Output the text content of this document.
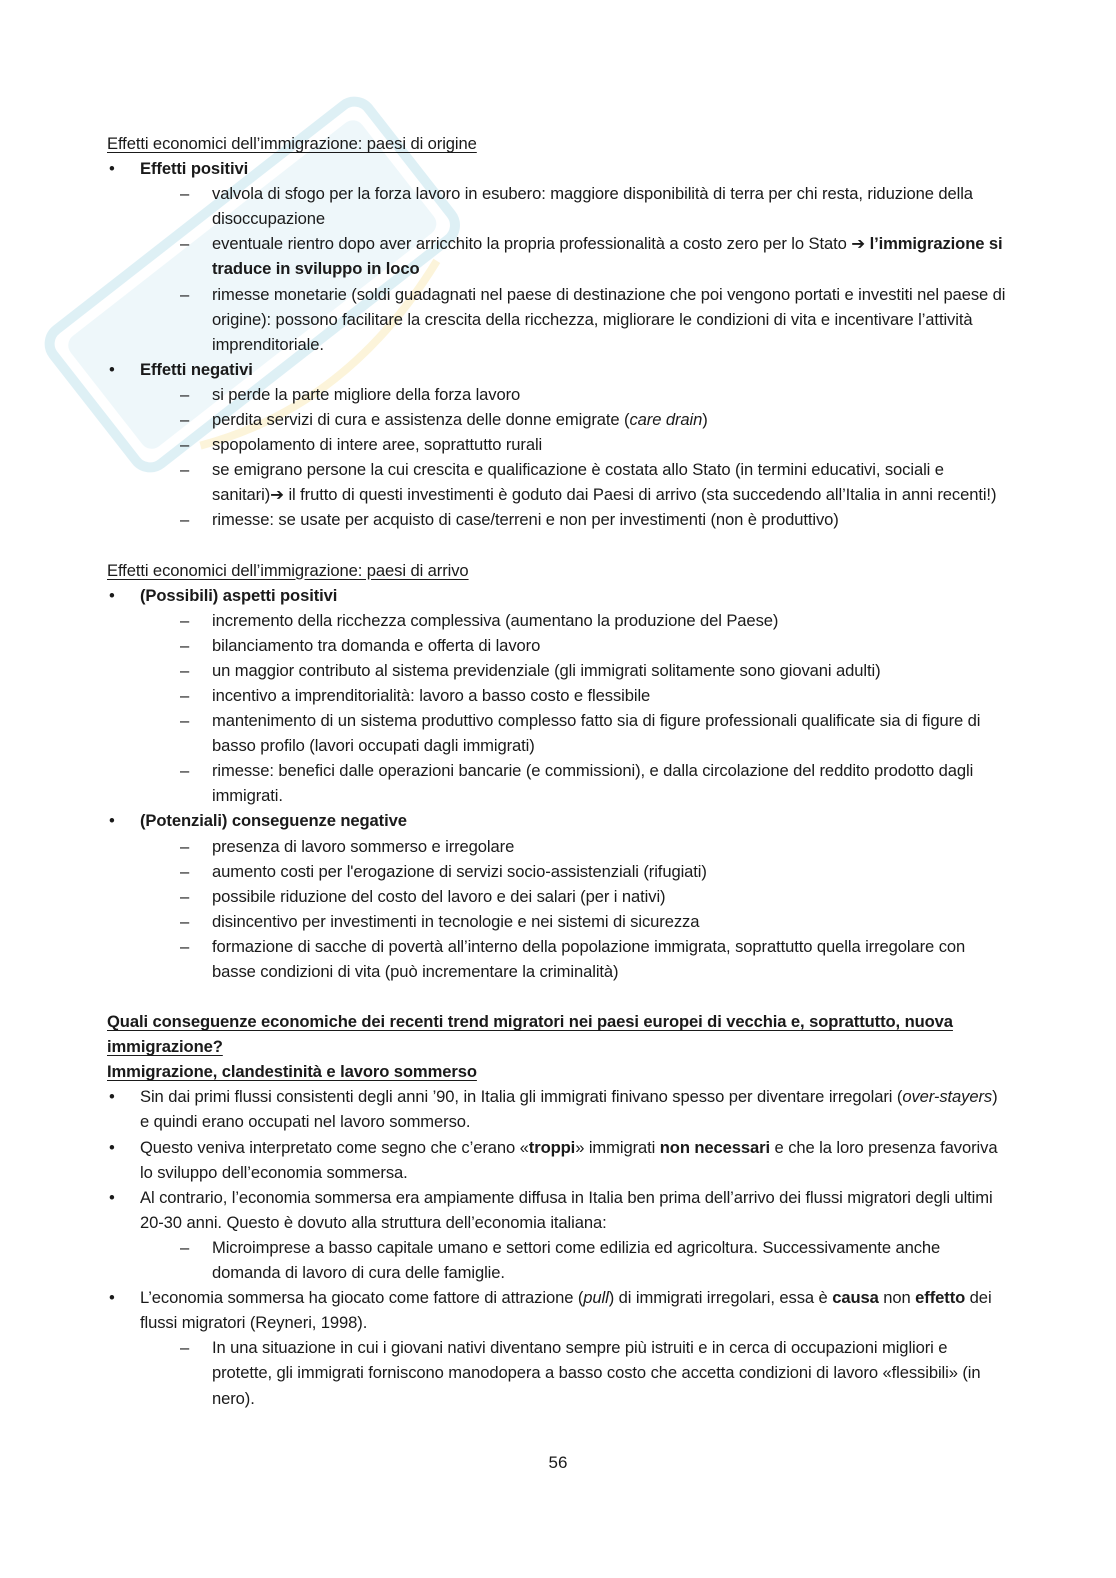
Effetti economici dell’immigrazione: paesi di origine

• Effetti positivi
– valvola di sfogo per la forza lavoro in esubero: maggiore disponibilità di terra per chi resta, riduzione della disoccupazione
– eventuale rientro dopo aver arricchito la propria professionalità a costo zero per lo Stato ➔ l’immigrazione si traduce in sviluppo in loco
– rimesse monetarie (soldi guadagnati nel paese di destinazione che poi vengono portati e investiti nel paese di origine): possono facilitare la crescita della ricchezza, migliorare le condizioni di vita e incentivare l’attività imprenditoriale.
• Effetti negativi
– si perde la parte migliore della forza lavoro
– perdita servizi di cura e assistenza delle donne emigrate (care drain)
– spopolamento di intere aree, soprattutto rurali
– se emigrano persone la cui crescita e qualificazione è costata allo Stato (in termini educativi, sociali e sanitari)➔ il frutto di questi investimenti è goduto dai Paesi di arrivo (sta succedendo all’Italia in anni recenti!)
– rimesse: se usate per acquisto di case/terreni e non per investimenti (non è produttivo)

Effetti economici dell’immigrazione: paesi di arrivo

• (Possibili) aspetti positivi
– incremento della ricchezza complessiva (aumentano la produzione del Paese)
– bilanciamento tra domanda e offerta di lavoro
– un maggior contributo al sistema previdenziale (gli immigrati solitamente sono giovani adulti)
– incentivo a imprenditorialità: lavoro a basso costo e flessibile
– mantenimento di un sistema produttivo complesso fatto sia di figure professionali qualificate sia di figure di basso profilo (lavori occupati dagli immigrati)
– rimesse: benefici dalle operazioni bancarie (e commissioni), e dalla circolazione del reddito prodotto dagli immigrati.
• (Potenziali) conseguenze negative
– presenza di lavoro sommerso e irregolare
– aumento costi per l'erogazione di servizi socio-assistenziali (rifugiati)
– possibile riduzione del costo del lavoro e dei salari (per i nativi)
– disincentivo per investimenti in tecnologie e nei sistemi di sicurezza
– formazione di sacche di povertà all’interno della popolazione immigrata, soprattutto quella irregolare con basse condizioni di vita (può incrementare la criminalità)

Quali conseguenze economiche dei recenti trend migratori nei paesi europei di vecchia e, soprattutto, nuova immigrazione?

Immigrazione, clandestinità e lavoro sommerso

• Sin dai primi flussi consistenti degli anni ’90, in Italia gli immigrati finivano spesso per diventare irregolari (over-stayers) e quindi erano occupati nel lavoro sommerso.
• Questo veniva interpretato come segno che c’erano «troppi» immigrati non necessari e che la loro presenza favoriva lo sviluppo dell’economia sommersa.
• Al contrario, l’economia sommersa era ampiamente diffusa in Italia ben prima dell’arrivo dei flussi migratori degli ultimi 20-30 anni. Questo è dovuto alla struttura dell’economia italiana:
– Microimprese a basso capitale umano e settori come edilizia ed agricoltura. Successivamente anche domanda di lavoro di cura delle famiglie.
• L’economia sommersa ha giocato come fattore di attrazione (pull) di immigrati irregolari, essa è causa non effetto dei flussi migratori (Reyneri, 1998).
– In una situazione in cui i giovani nativi diventano sempre più istruiti e in cerca di occupazioni migliori e protette, gli immigrati forniscono manodopera a basso costo che accetta condizioni di lavoro «flessibili» (in nero).
56
